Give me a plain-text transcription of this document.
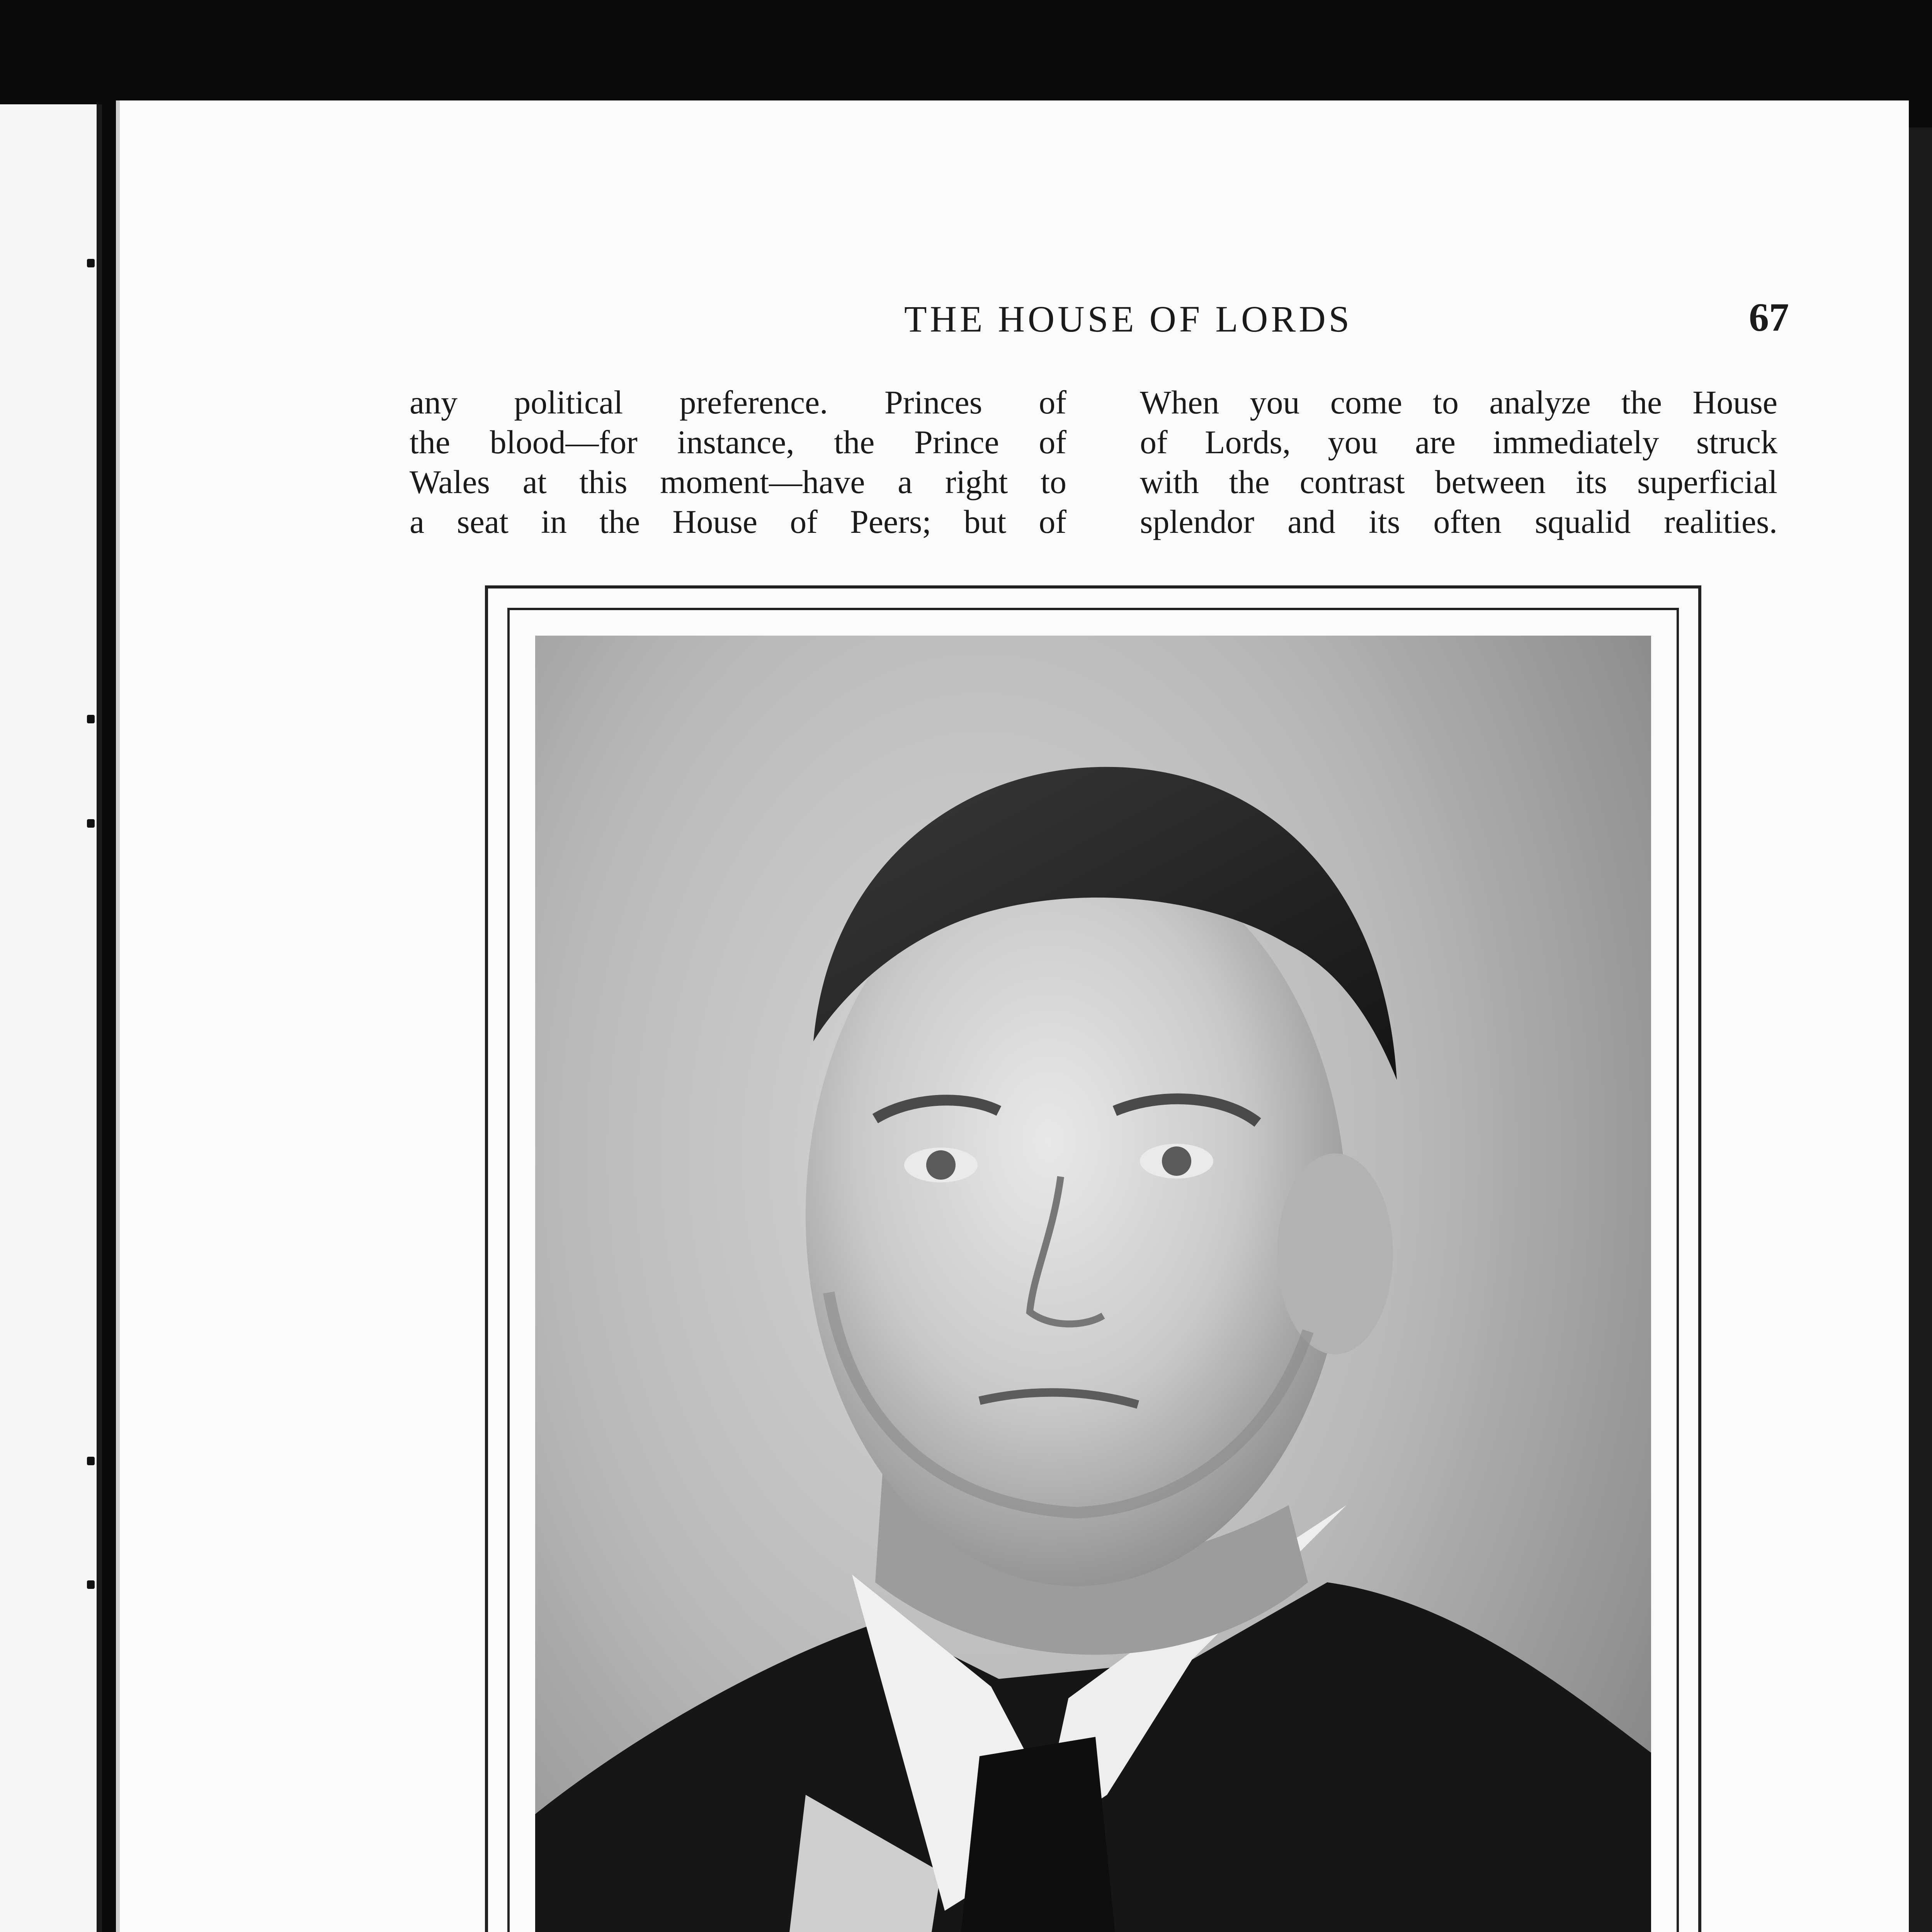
THE HOUSE OF LORDS	67
any political preference. Princes of
the blood—for instance, the Prince of
Wales at this moment—have a right to
a seat in the House of Peers; but of
When you come to analyze the House
of Lords, you are immediately struck
with the contrast between its superficial
splendor and its often squalid realities.
